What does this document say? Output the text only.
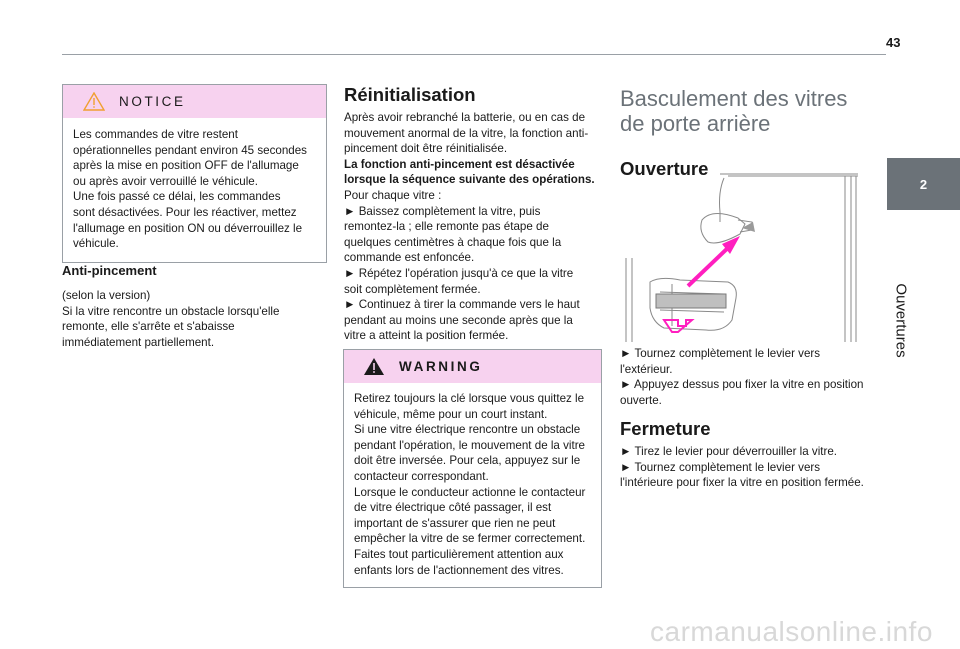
43
2
Ouvertures
NOTICE

Les commandes de vitre restent
opérationnelles pendant environ 45 secondes
après la mise en position OFF de l'allumage
ou après avoir verrouillé le véhicule.
Une fois passé ce délai, les commandes
sont désactivées. Pour les réactiver, mettez
l'allumage en position ON ou déverrouillez le
véhicule.

Anti-pincement

(selon la version)
Si la vitre rencontre un obstacle lorsqu'elle
remonte, elle s'arrête et s'abaisse
immédiatement partiellement.

Réinitialisation

Après avoir rebranché la batterie, ou en cas de
mouvement anormal de la vitre, la fonction anti-
pincement doit être réinitialisée.
La fonction anti-pincement est désactivée
lorsque la séquence suivante des opérations.
Pour chaque vitre :
► Baissez complètement la vitre, puis
remontez-la ; elle remonte pas étape de
quelques centimètres à chaque fois que la
commande est enfoncée.
► Répétez l'opération jusqu'à ce que la vitre
soit complètement fermée.
► Continuez à tirer la commande vers le haut
pendant au moins une seconde après que la
vitre a atteint la position fermée.

WARNING

Retirez toujours la clé lorsque vous quittez le
véhicule, même pour un court instant.
Si une vitre électrique rencontre un obstacle
pendant l'opération, le mouvement de la vitre
doit être inversée. Pour cela, appuyez sur le
contacteur correspondant.
Lorsque le conducteur actionne le contacteur
de vitre électrique côté passager, il est
important de s'assurer que rien ne peut
empêcher la vitre de se fermer correctement.
Faites tout particulièrement attention aux
enfants lors de l'actionnement des vitres.

Basculement des vitres
de porte arrière
Ouverture

► Tournez complètement le levier vers
l'extérieur.
► Appuyez dessus pou fixer la vitre en position
ouverte.

Fermeture

► Tirez le levier pour déverrouiller la vitre.
► Tournez complètement le levier vers
l'intérieure pour fixer la vitre en position fermée.

carmanualsonline.info
